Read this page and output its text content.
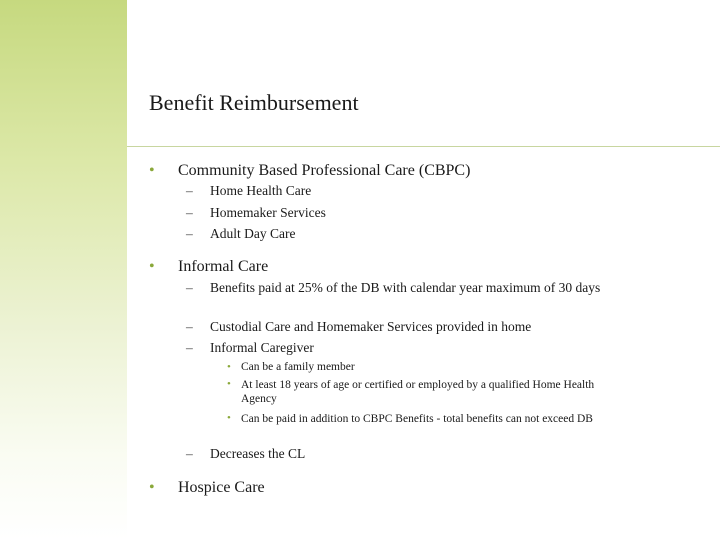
Benefit Reimbursement
• Community Based Professional Care (CBPC)
– Home Health Care
– Homemaker Services
– Adult Day Care
• Informal Care
– Benefits paid at 25% of the DB with calendar year maximum of 30 days
– Custodial Care and Homemaker Services provided in home
– Informal Caregiver
• Can be a family member
• At least 18 years of age or certified or employed by a qualified Home Health Agency
• Can be paid in addition to CBPC Benefits - total benefits can not exceed DB
– Decreases the CL
• Hospice Care
